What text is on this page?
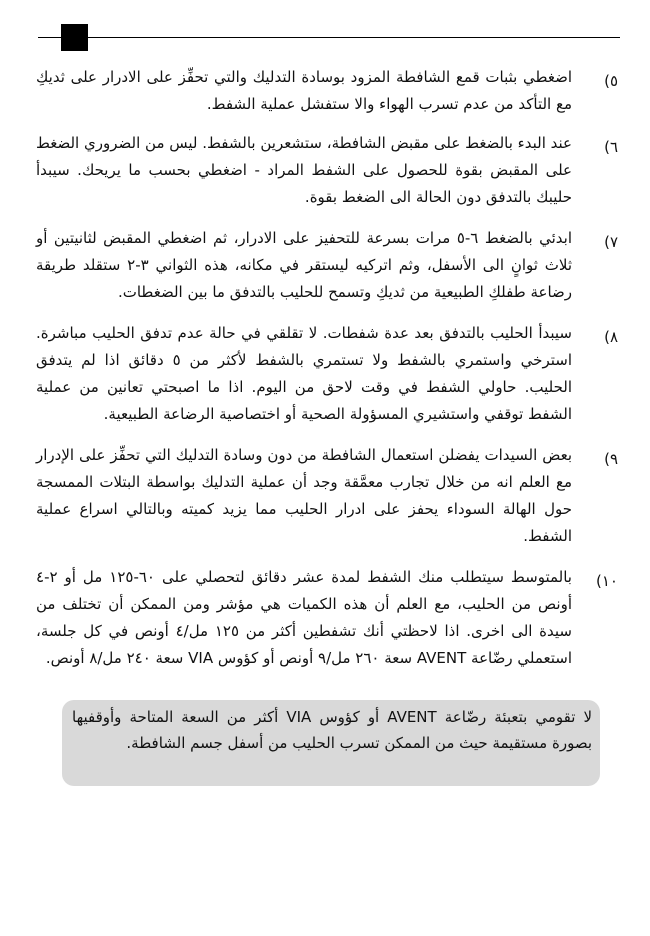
٥)
اضغطي بثبات قمع الشافطة المزود بوسادة التدليك والتي تحفِّز على الادرار على ثديكِ مع التأكد من عدم تسرب الهواء والا ستفشل عملية الشفط.
٦)
عند البدء بالضغط على مقبض الشافطة، ستشعرين بالشفط. ليس من الضروري الضغط على المقبض بقوة للحصول على الشفط المراد - اضغطي بحسب ما يريحك. سيبدأ حليبك بالتدفق دون الحالة الى الضغط بقوة.
٧)
ابدئي بالضغط ٦-٥ مرات بسرعة للتحفيز على الادرار، ثم اضغطي المقبض لثانيتين أو ثلاث ثوانٍ الى الأسفل، وثم اتركيه ليستقر في مكانه، هذه الثواني ٣-٢ ستقلد طريقة رضاعة طفلكِ الطبيعية من ثديكِ وتسمح للحليب بالتدفق ما بين الضغطات.
٨)
سيبدأ الحليب بالتدفق بعد عدة شفطات. لا تقلقي في حالة عدم تدفق الحليب مباشرة. استرخي واستمري بالشفط ولا تستمري بالشفط لأكثر من ٥ دقائق اذا لم يتدفق الحليب. حاولي الشفط في وقت لاحق من اليوم. اذا ما اصبحتي تعانين من عملية الشفط توقفي واستشيري المسؤولة الصحية أو اختصاصية الرضاعة الطبيعية.
٩)
بعض السيدات يفضلن استعمال الشافطة من دون وسادة التدليك التي تحفِّز على الإدرار مع العلم انه من خلال تجارب معمَّقة وجد أن عملية التدليك بواسطة البتلات الممسجة حول الهالة السوداء يحفز على ادرار الحليب مما يزيد كميته وبالتالي اسراع عملية الشفط.
١٠)
بالمتوسط سيتطلب منك الشفط لمدة عشر دقائق لتحصلي على ٦٠-١٢٥ مل أو ٢-٤ أونص من الحليب، مع العلم أن هذه الكميات هي مؤشر ومن الممكن أن تختلف من سيدة الى اخرى. اذا لاحظتي أنك تشفطين أكثر من ١٢٥ مل/٤ أونص في كل جلسة، استعملي رضّاعة AVENT سعة ٢٦٠ مل/٩ أونص أو كؤوس VIA سعة ٢٤٠ مل/٨ أونص.

لا تقومي بتعبئة رضّاعة AVENT أو كؤوس VIA أكثر من السعة المتاحة وأوقفيها بصورة مستقيمة حيث من الممكن تسرب الحليب من أسفل جسم الشافطة.
